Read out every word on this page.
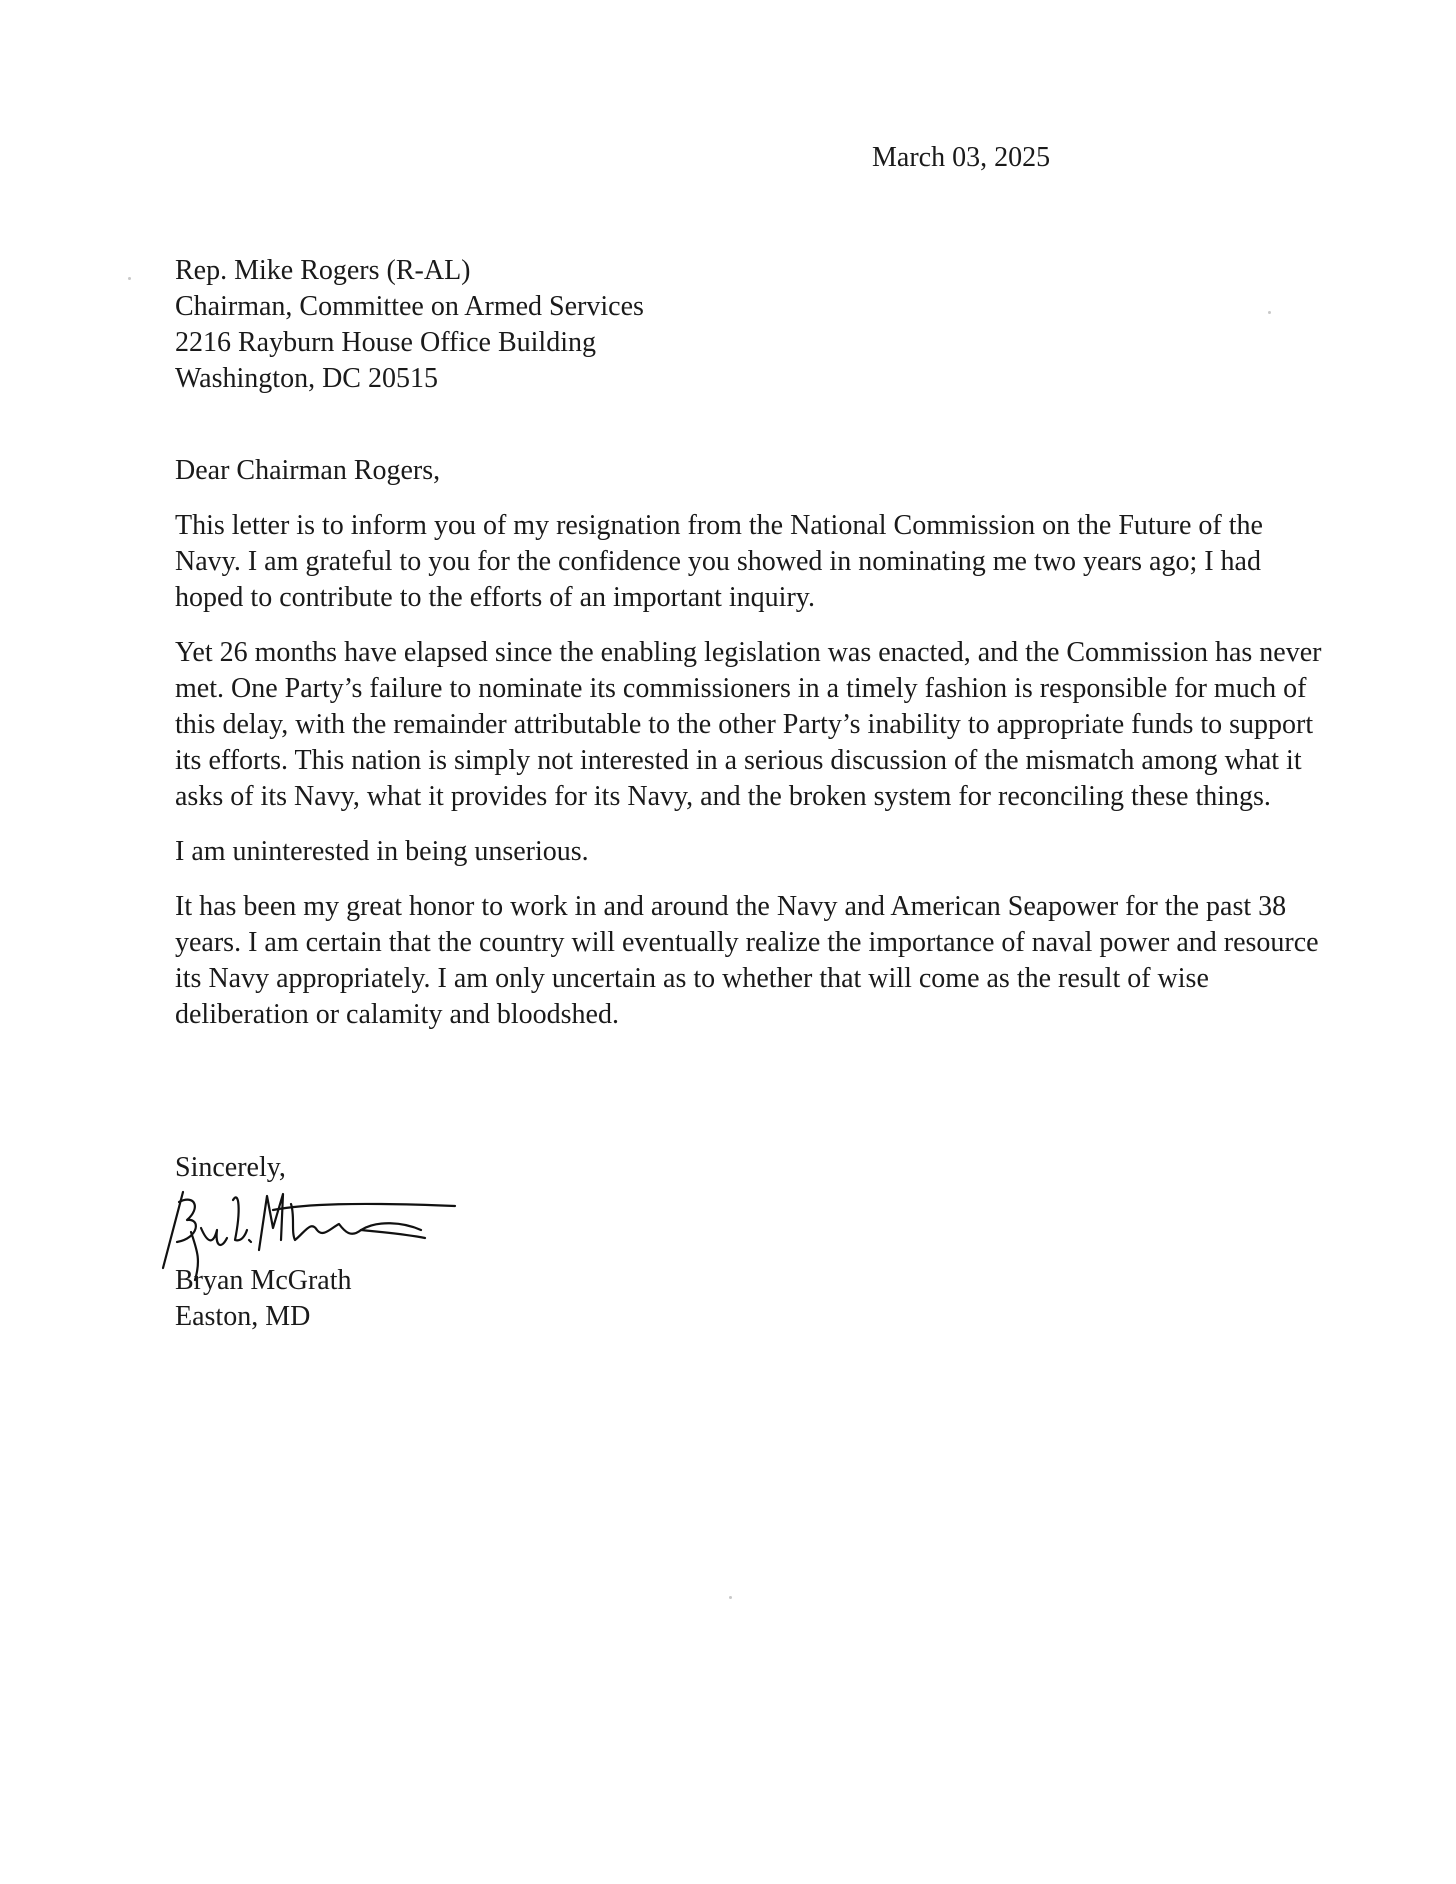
March 03, 2025
Rep. Mike Rogers (R-AL)
Chairman, Committee on Armed Services
2216 Rayburn House Office Building
Washington, DC 20515
Dear Chairman Rogers,

This letter is to inform you of my resignation from the National Commission on the Future of the Navy. I am grateful to you for the confidence you showed in nominating me two years ago; I had hoped to contribute to the efforts of an important inquiry.

Yet 26 months have elapsed since the enabling legislation was enacted, and the Commission has never met. One Party’s failure to nominate its commissioners in a timely fashion is responsible for much of this delay, with the remainder attributable to the other Party’s inability to appropriate funds to support its efforts. This nation is simply not interested in a serious discussion of the mismatch among what it asks of its Navy, what it provides for its Navy, and the broken system for reconciling these things.

I am uninterested in being unserious.

It has been my great honor to work in and around the Navy and American Seapower for the past 38 years. I am certain that the country will eventually realize the importance of naval power and resource its Navy appropriately. I am only uncertain as to whether that will come as the result of wise deliberation or calamity and bloodshed.

Sincerely,
Bryan McGrath
Easton, MD
